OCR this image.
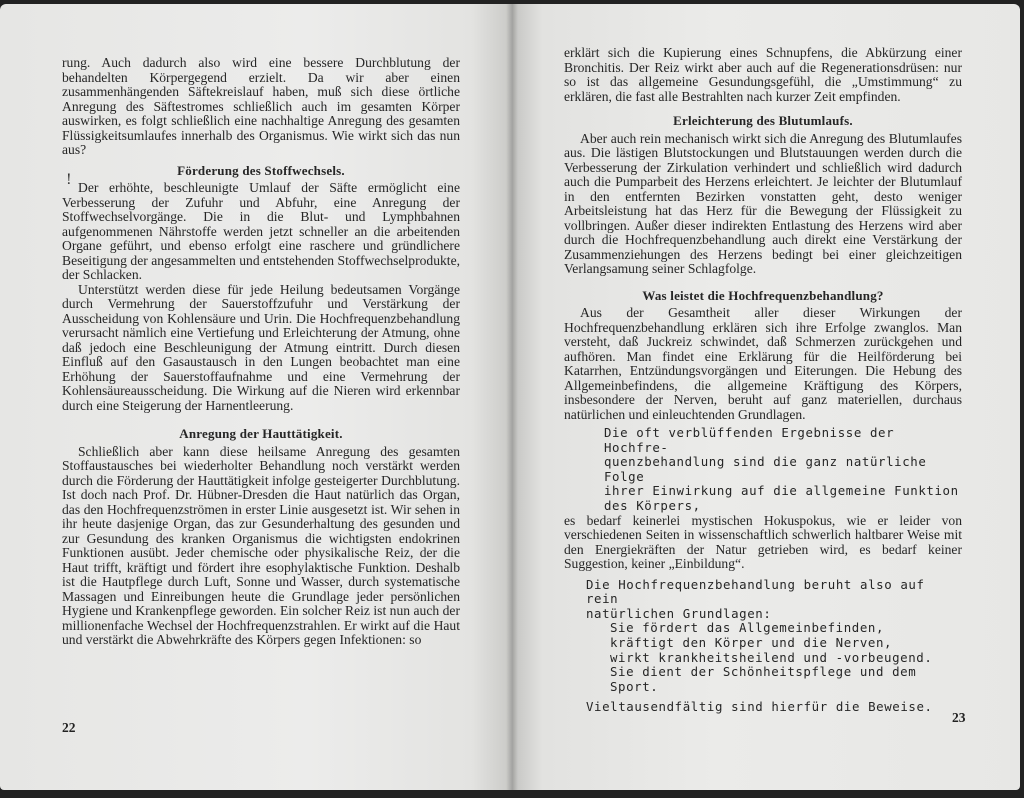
rung. Auch dadurch also wird eine bessere Durchblutung der behandelten Körpergegend erzielt. Da wir aber einen zusammenhängenden Säftekreislauf haben, muß sich diese örtliche Anregung des Säftestromes schließlich auch im gesamten Körper auswirken, es folgt schließlich eine nachhaltige Anregung des gesamten Flüssigkeitsumlaufes innerhalb des Organismus. Wie wirkt sich das nun aus?

Förderung des Stoffwechsels.

Der erhöhte, beschleunigte Umlauf der Säfte ermöglicht eine Verbesserung der Zufuhr und Abfuhr, eine Anregung der Stoffwechselvorgänge. Die in die Blut- und Lymphbahnen aufgenommenen Nährstoffe werden jetzt schneller an die arbeitenden Organe geführt, und ebenso erfolgt eine raschere und gründlichere Beseitigung der angesammelten und entstehenden Stoffwechselprodukte, der Schlacken.

Unterstützt werden diese für jede Heilung bedeutsamen Vorgänge durch Vermehrung der Sauerstoffzufuhr und Verstärkung der Ausscheidung von Kohlensäure und Urin. Die Hochfrequenzbehandlung verursacht nämlich eine Vertiefung und Erleichterung der Atmung, ohne daß jedoch eine Beschleunigung der Atmung eintritt. Durch diesen Einfluß auf den Gasaustausch in den Lungen beobachtet man eine Erhöhung der Sauerstoffaufnahme und eine Vermehrung der Kohlensäureausscheidung. Die Wirkung auf die Nieren wird erkennbar durch eine Steigerung der Harnentleerung.

Anregung der Hauttätigkeit.

Schließlich aber kann diese heilsame Anregung des gesamten Stoffaustausches bei wiederholter Behandlung noch verstärkt werden durch die Förderung der Hauttätigkeit infolge gesteigerter Durchblutung. Ist doch nach Prof. Dr. Hübner-Dresden die Haut natürlich das Organ, das den Hochfrequenzströmen in erster Linie ausgesetzt ist. Wir sehen in ihr heute dasjenige Organ, das zur Gesunderhaltung des gesunden und zur Gesundung des kranken Organismus die wichtigsten endokrinen Funktionen ausübt. Jeder chemische oder physikalische Reiz, der die Haut trifft, kräftigt und fördert ihre esophylaktische Funktion. Deshalb ist die Hautpflege durch Luft, Sonne und Wasser, durch systematische Massagen und Einreibungen heute die Grundlage jeder persönlichen Hygiene und Krankenpflege geworden. Ein solcher Reiz ist nun auch der millionenfache Wechsel der Hochfrequenzstrahlen. Er wirkt auf die Haut und verstärkt die Abwehrkräfte des Körpers gegen Infektionen: so

!
22

erklärt sich die Kupierung eines Schnupfens, die Abkürzung einer Bronchitis. Der Reiz wirkt aber auch auf die Regenerationsdrüsen: nur so ist das allgemeine Gesundungsgefühl, die „Umstimmung“ zu erklären, die fast alle Bestrahlten nach kurzer Zeit empfinden.

Erleichterung des Blutumlaufs.

Aber auch rein mechanisch wirkt sich die Anregung des Blutumlaufes aus. Die lästigen Blutstockungen und Blutstauungen werden durch die Verbesserung der Zirkulation verhindert und schließlich wird dadurch auch die Pumparbeit des Herzens erleichtert. Je leichter der Blutumlauf in den entfernten Bezirken vonstatten geht, desto weniger Arbeitsleistung hat das Herz für die Bewegung der Flüssigkeit zu vollbringen. Außer dieser indirekten Entlastung des Herzens wird aber durch die Hochfrequenzbehandlung auch direkt eine Verstärkung der Zusammenziehungen des Herzens bedingt bei einer gleichzeitigen Verlangsamung seiner Schlagfolge.

Was leistet die Hochfrequenzbehandlung?

Aus der Gesamtheit aller dieser Wirkungen der Hochfrequenzbehandlung erklären sich ihre Erfolge zwanglos. Man versteht, daß Juckreiz schwindet, daß Schmerzen zurückgehen und aufhören. Man findet eine Erklärung für die Heilförderung bei Katarrhen, Entzündungsvorgängen und Eiterungen. Die Hebung des Allgemeinbefindens, die allgemeine Kräftigung des Körpers, insbesondere der Nerven, beruht auf ganz materiellen, durchaus natürlichen und einleuchtenden Grundlagen.

Die oft verblüffenden Ergebnisse der Hochfre-
quenzbehandlung sind die ganz natürliche Folge
ihrer Einwirkung auf die allgemeine Funktion
des Körpers,

es bedarf keinerlei mystischen Hokuspokus, wie er leider von verschiedenen Seiten in wissenschaftlich schwerlich haltbarer Weise mit den Energiekräften der Natur getrieben wird, es bedarf keiner Suggestion, keiner „Einbildung“.

Die Hochfrequenzbehandlung beruht also auf rein
natürlichen Grundlagen:
Sie fördert das Allgemeinbefinden,
kräftigt den Körper und die Nerven,
wirkt krankheitsheilend und -vorbeugend.
Sie dient der Schönheitspflege und dem Sport.
Vieltausendfältig sind hierfür die Beweise.
23
